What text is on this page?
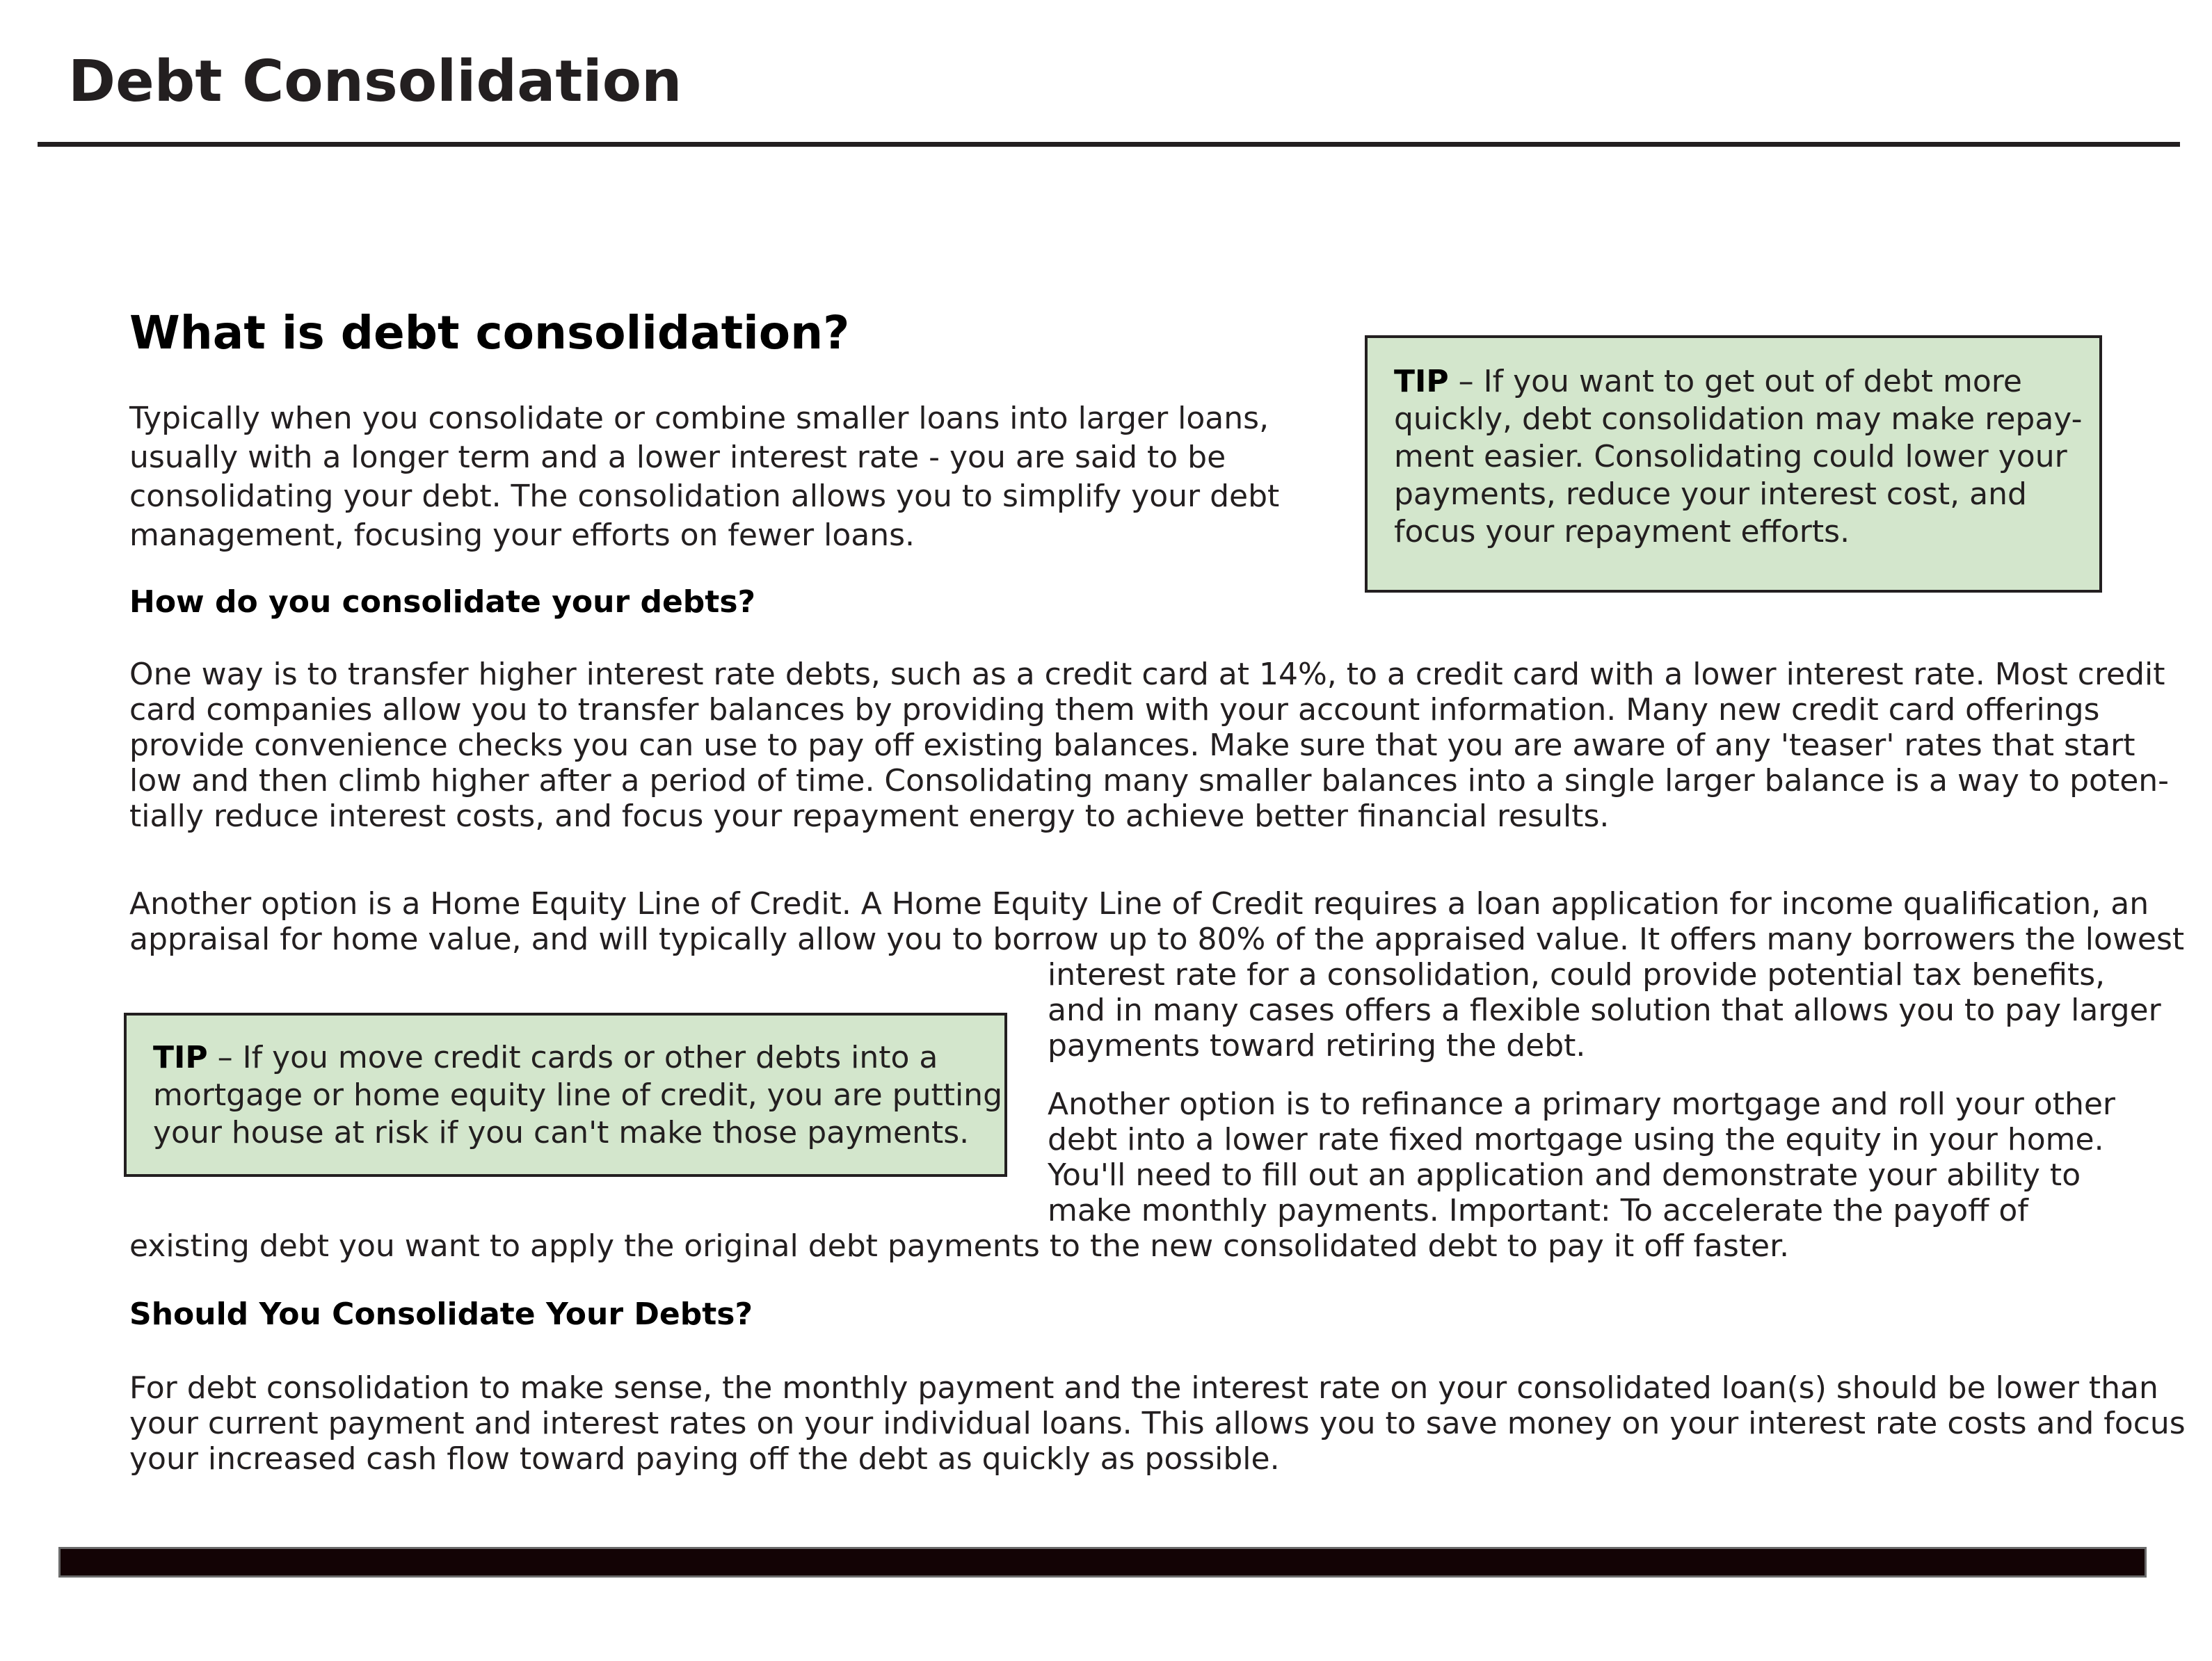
Debt Consolidation
What is debt consolidation?

Typically when you consolidate or combine smaller loans into larger loans,
usually with a longer term and a lower interest rate - you are said to be
consolidating your debt. The consolidation allows you to simplify your debt
management, focusing your efforts on fewer loans.

TIP – If you want to get out of debt more
quickly, debt consolidation may make repay-
ment easier. Consolidating could lower your
payments, reduce your interest cost, and
focus your repayment efforts.
How do you consolidate your debts?

One way is to transfer higher interest rate debts, such as a credit card at 14%, to a credit card with a lower interest rate. Most credit
card companies allow you to transfer balances by providing them with your account information. Many new credit card offerings
provide convenience checks you can use to pay off existing balances. Make sure that you are aware of any 'teaser' rates that start
low and then climb higher after a period of time. Consolidating many smaller balances into a single larger balance is a way to poten-
tially reduce interest costs, and focus your repayment energy to achieve better financial results.

Another option is a Home Equity Line of Credit. A Home Equity Line of Credit requires a loan application for income qualification, an
appraisal for home value, and will typically allow you to borrow up to 80% of the appraised value. It offers many borrowers the lowest

interest rate for a consolidation, could provide potential tax benefits,
and in many cases offers a flexible solution that allows you to pay larger
payments toward retiring the debt.

TIP – If you move credit cards or other debts into a
mortgage or home equity line of credit, you are putting
your house at risk if you can't make those payments.

Another option is to refinance a primary mortgage and roll your other
debt into a lower rate fixed mortgage using the equity in your home.
You'll need to fill out an application and demonstrate your ability to
make monthly payments. Important: To accelerate the payoff of

existing debt you want to apply the original debt payments to the new consolidated debt to pay it off faster.

Should You Consolidate Your Debts?

For debt consolidation to make sense, the monthly payment and the interest rate on your consolidated loan(s) should be lower than
your current payment and interest rates on your individual loans. This allows you to save money on your interest rate costs and focus
your increased cash flow toward paying off the debt as quickly as possible.
